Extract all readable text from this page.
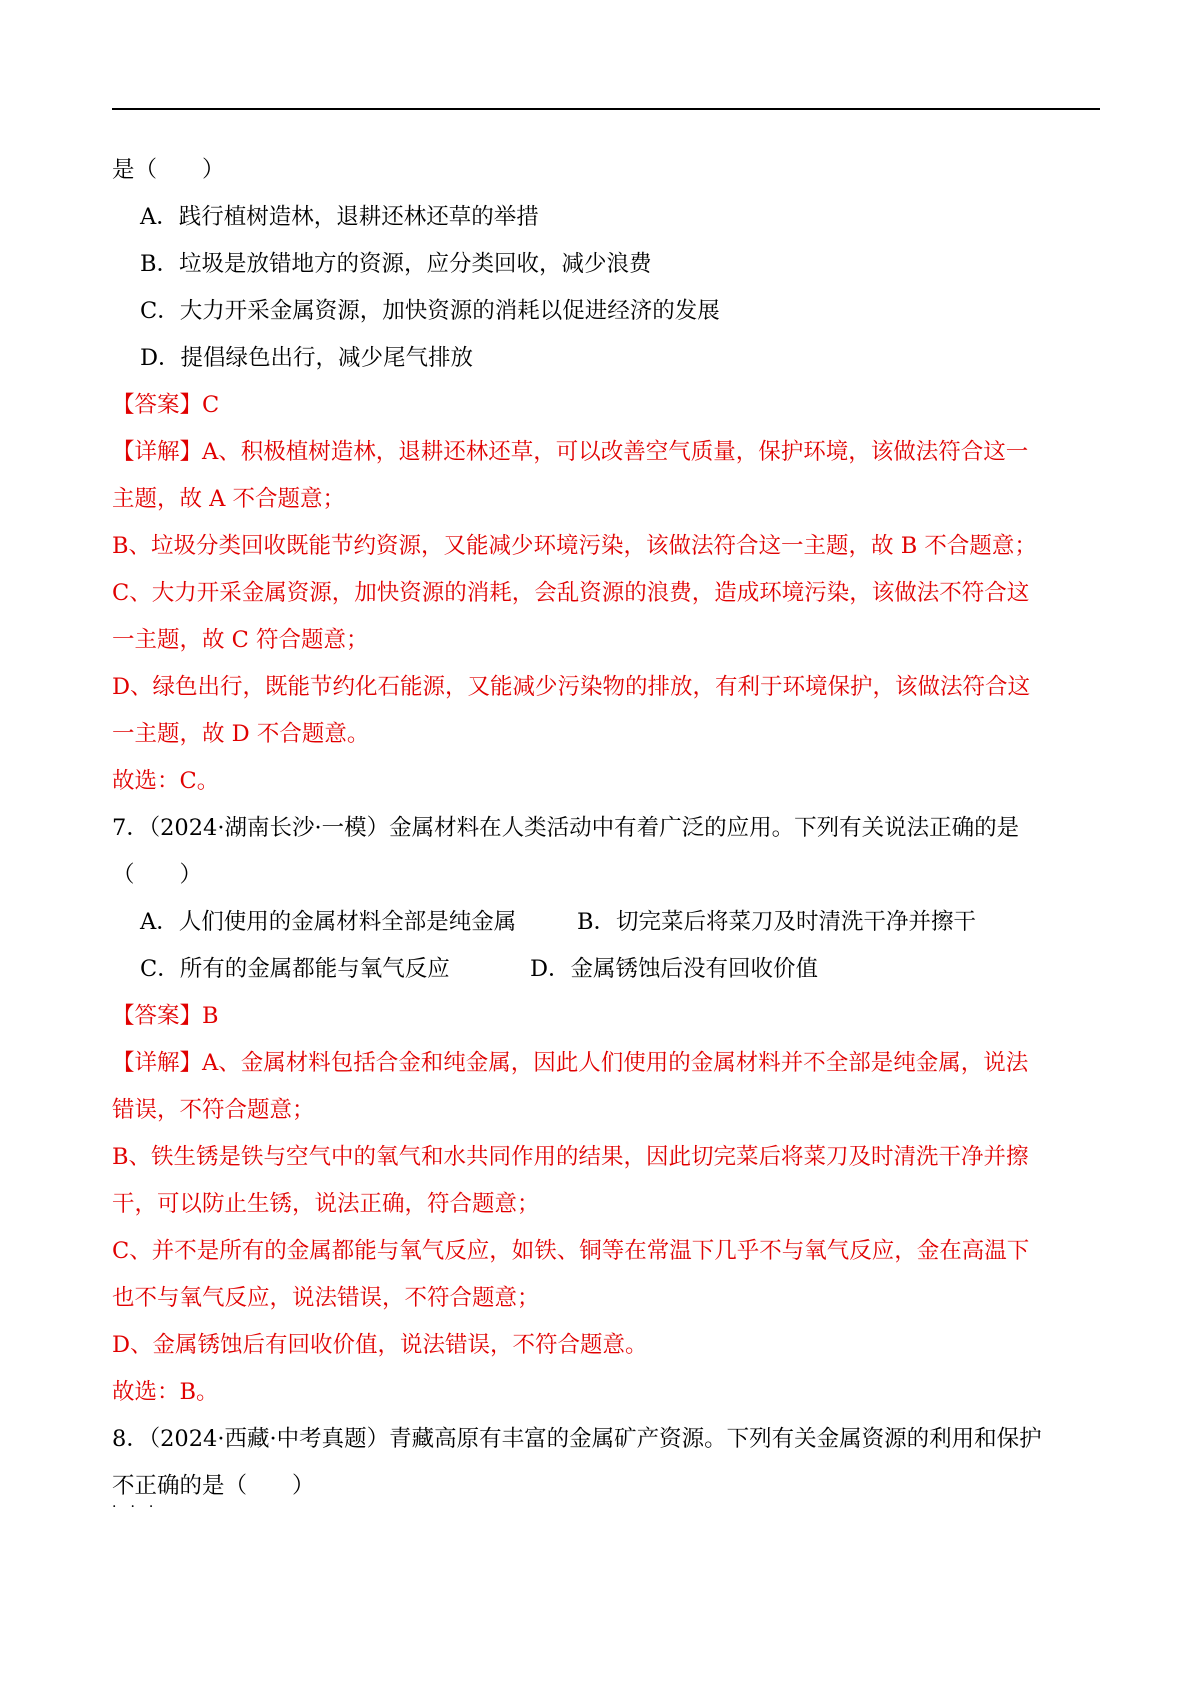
是（　　）
A．践行植树造林，退耕还林还草的举措
B．垃圾是放错地方的资源，应分类回收，减少浪费
C．大力开采金属资源，加快资源的消耗以促进经济的发展
D．提倡绿色出行，减少尾气排放
【答案】C
【详解】A、积极植树造林，退耕还林还草，可以改善空气质量，保护环境，该做法符合这一
主题，故 A 不合题意；
B、垃圾分类回收既能节约资源，又能减少环境污染，该做法符合这一主题，故 B 不合题意；
C、大力开采金属资源，加快资源的消耗，会乱资源的浪费，造成环境污染，该做法不符合这
一主题，故 C 符合题意；
D、绿色出行，既能节约化石能源，又能减少污染物的排放，有利于环境保护，该做法符合这
一主题，故 D 不合题意。
故选：C。
7．（2024·湖南长沙·一模）金属材料在人类活动中有着广泛的应用。下列有关说法正确的是
（　　）
A．人们使用的金属材料全部是纯金属	B．切完菜后将菜刀及时清洗干净并擦干
C．所有的金属都能与氧气反应	D．金属锈蚀后没有回收价值
【答案】B
【详解】A、金属材料包括合金和纯金属，因此人们使用的金属材料并不全部是纯金属，说法
错误，不符合题意；
B、铁生锈是铁与空气中的氧气和水共同作用的结果，因此切完菜后将菜刀及时清洗干净并擦
干，可以防止生锈，说法正确，符合题意；
C、并不是所有的金属都能与氧气反应，如铁、铜等在常温下几乎不与氧气反应，金在高温下
也不与氧气反应，说法错误，不符合题意；
D、金属锈蚀后有回收价值，说法错误，不符合题意。
故选：B。
8．（2024·西藏·中考真题）青藏高原有丰富的金属矿产资源。下列有关金属资源的利用和保护
不正确的是（　　）
···
